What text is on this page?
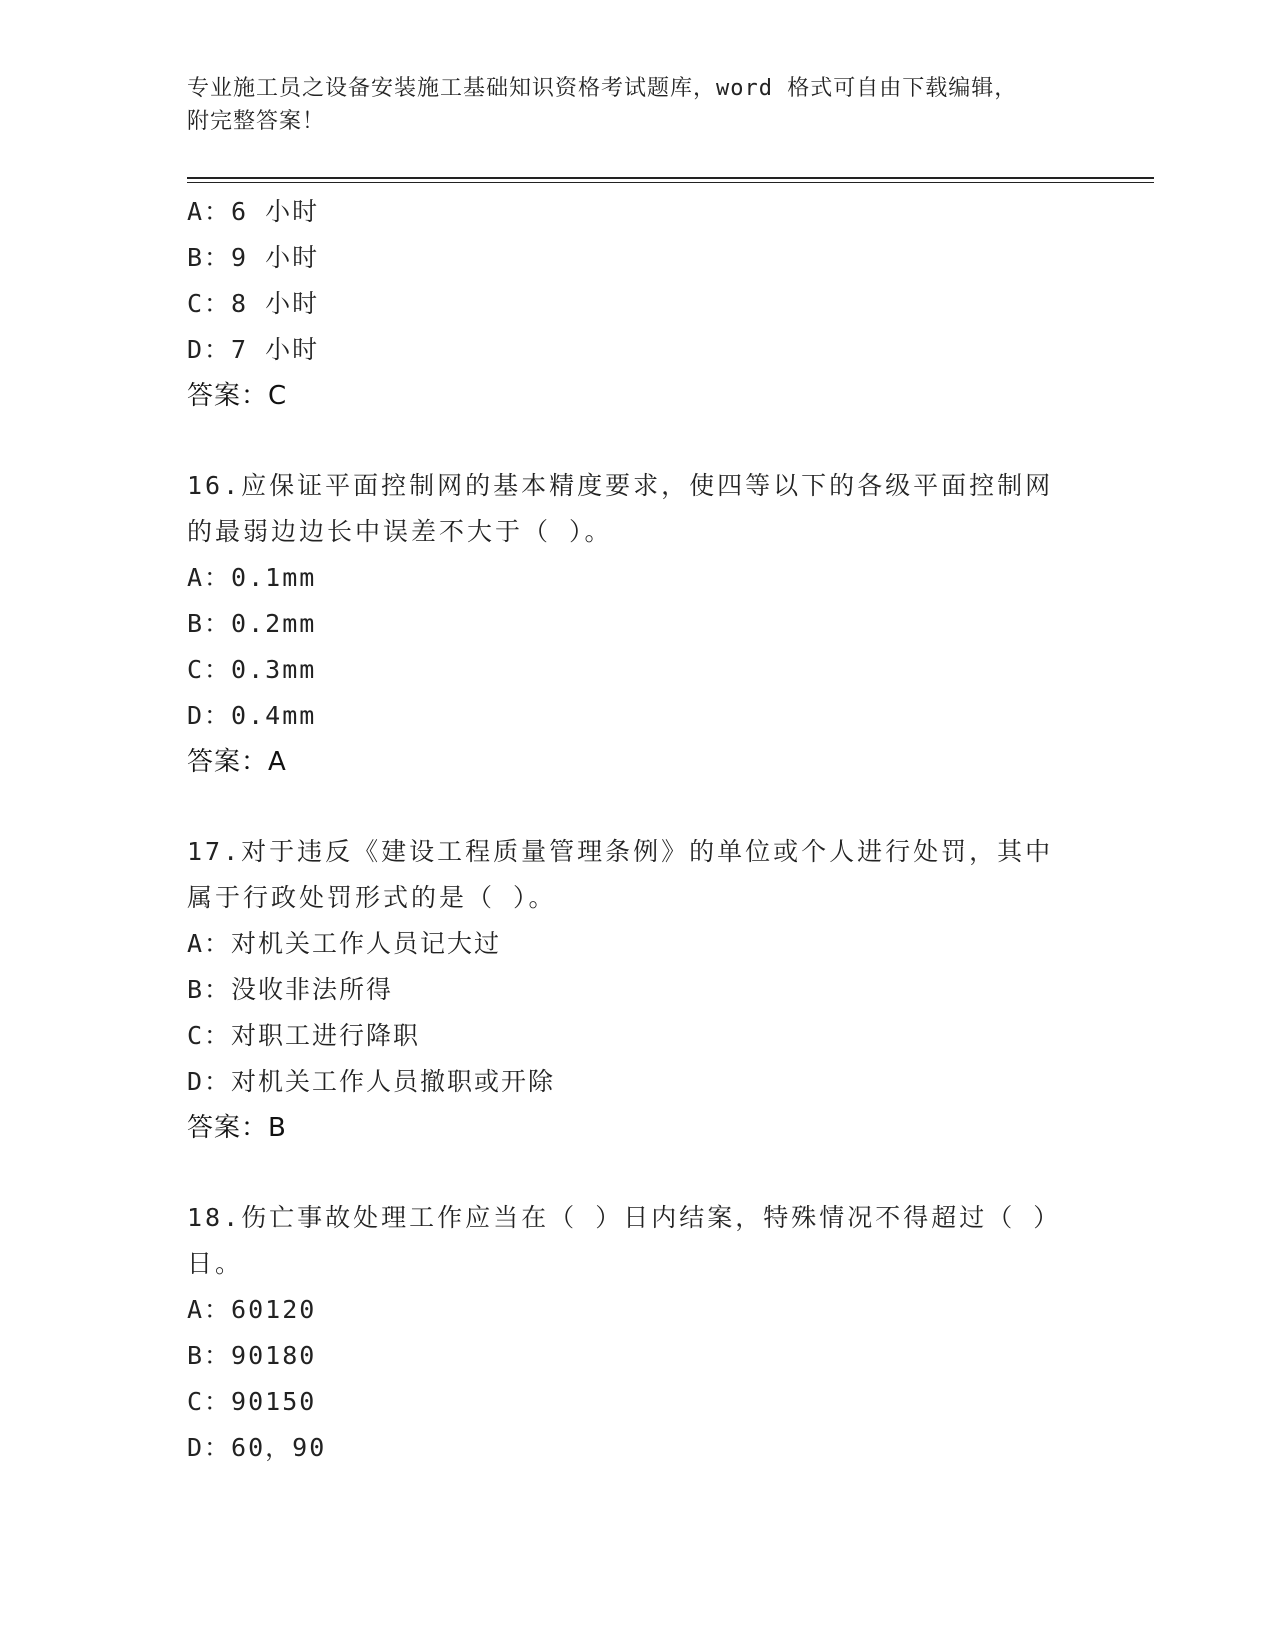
专业施工员之设备安装施工基础知识资格考试题库，word 格式可自由下载编辑，
附完整答案！
A：6 小时
B：9 小时
C：8 小时
D：7 小时
答案：C
16.应保证平面控制网的基本精度要求，使四等以下的各级平面控制网
的最弱边边长中误差不大于（ ）。
A：0.1mm
B：0.2mm
C：0.3mm
D：0.4mm
答案：A
17.对于违反《建设工程质量管理条例》的单位或个人进行处罚，其中
属于行政处罚形式的是（ ）。
A：对机关工作人员记大过
B：没收非法所得
C：对职工进行降职
D：对机关工作人员撤职或开除
答案：B
18.伤亡事故处理工作应当在（ ）日内结案，特殊情况不得超过（ ）
日。
A：60120
B：90180
C：90150
D：60，90
